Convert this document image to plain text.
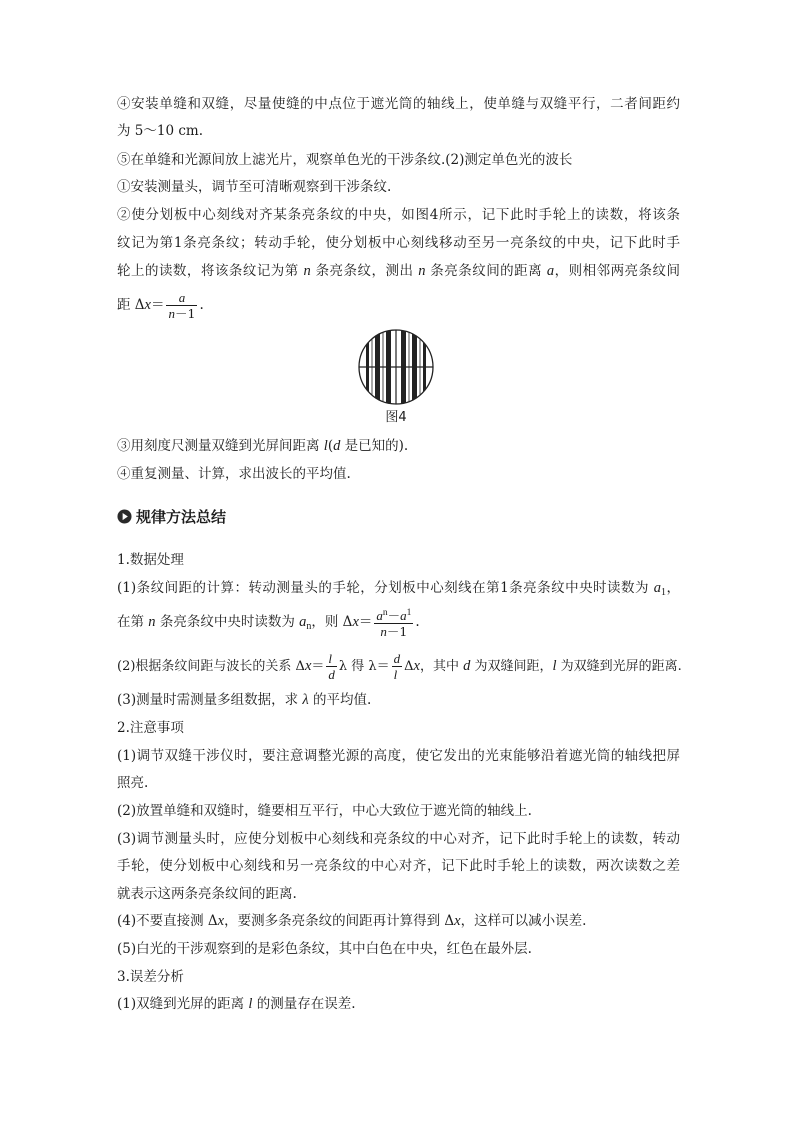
④安装单缝和双缝，尽量使缝的中点位于遮光筒的轴线上，使单缝与双缝平行，二者间距约
为 5～10 cm.
⑤在单缝和光源间放上滤光片，观察单色光的干涉条纹.(2)测定单色光的波长
①安装测量头，调节至可清晰观察到干涉条纹.
②使分划板中心刻线对齐某条亮条纹的中央，如图4所示，记下此时手轮上的读数，将该条
纹记为第1条亮条纹；转动手轮，使分划板中心刻线移动至另一亮条纹的中央，记下此时手
轮上的读数，将该条纹记为第 n 条亮条纹，测出 n 条亮条纹间的距离 a，则相邻两亮条纹间
距 $\Delta x= \frac{a}{n-1}$ .
图4
③用刻度尺测量双缝到光屏间距离 l(d 是已知的).
④重复测量、计算，求出波长的平均值.
规律方法总结
1.数据处理
(1)条纹间距的计算：转动测量头的手轮，分划板中心刻线在第1条亮条纹中央时读数为 $a_1$，
在第 n 条亮条纹中央时读数为 $a_n$，则 $\Delta x= \frac{a^n-a^1}{n-1}$ .
(2)根据条纹间距与波长的关系 $\Delta x= \frac{l}{d}$ λ 得 $\lambda= \frac{d}{l}$ Δx，其中 d 为双缝间距，l 为双缝到光屏的距离.
(3)测量时需测量多组数据，求 λ 的平均值.
2.注意事项
(1)调节双缝干涉仪时，要注意调整光源的高度，使它发出的光束能够沿着遮光筒的轴线把屏
照亮.
(2)放置单缝和双缝时，缝要相互平行，中心大致位于遮光筒的轴线上.
(3)调节测量头时，应使分划板中心刻线和亮条纹的中心对齐，记下此时手轮上的读数，转动
手轮，使分划板中心刻线和另一亮条纹的中心对齐，记下此时手轮上的读数，两次读数之差
就表示这两条亮条纹间的距离.
(4)不要直接测 Δx，要测多条亮条纹的间距再计算得到 Δx，这样可以减小误差.
(5)白光的干涉观察到的是彩色条纹，其中白色在中央，红色在最外层.
3.误差分析
(1)双缝到光屏的距离 l 的测量存在误差.
